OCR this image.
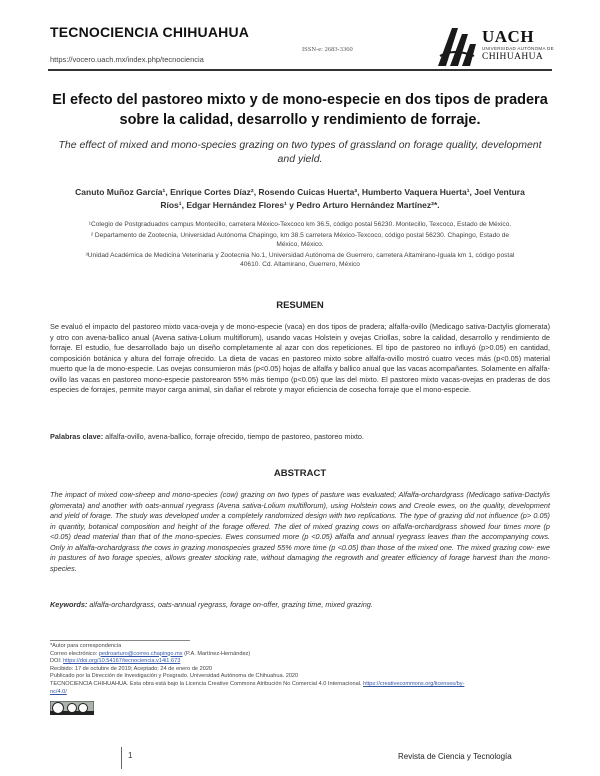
TECNOCIENCIA CHIHUAHUA
https://vocero.uach.mx/index.php/tecnociencia
ISSN-e: 2683-3360
UACH
UNIVERSIDAD AUTÓNOMA DE
CHIHUAHUA
El efecto del pastoreo mixto y de mono-especie en dos tipos de pradera sobre la calidad, desarrollo y rendimiento de forraje.
The effect of mixed and mono-species grazing on two types of grassland on forage quality, development and yield.
Canuto Muñoz García¹, Enrique Cortes Díaz², Rosendo Cuicas Huerta³, Humberto Vaquera Huerta¹, Joel Ventura Ríos¹, Edgar Hernández Flores¹ y Pedro Arturo Hernández Martínez²*.

¹Colegio de Postgraduados campus Montecillo, carretera México-Texcoco km 36.5, código postal 56230. Montecillo, Texcoco, Estado de México.

² Departamento de Zootecnia, Universidad Autónoma Chapingo, km 38.5 carretera México-Texcoco, código postal 56230. Chapingo, Estado de México, México.

³Unidad Académica de Medicina Veterinaria y Zootecnia No.1, Universidad Autónoma de Guerrero, carretera Altamirano-Iguala km 1, código postal 40610. Cd. Altamirano, Guerrero, México

RESUMEN
Se evaluó el impacto del pastoreo mixto vaca-oveja y de mono-especie (vaca) en dos tipos de pradera; alfalfa-ovillo (Medicago sativa-Dactylis glomerata) y otro con avena-ballico anual (Avena sativa-Lolium multiflorum), usando vacas Holstein y ovejas Criollas, sobre la calidad, desarrollo y rendimiento de forraje. El estudio, fue desarrollado bajo un diseño completamente al azar con dos repeticiones. El tipo de pastoreo no influyó (p>0.05) en cantidad, composición botánica y altura del forraje ofrecido. La dieta de vacas en pastoreo mixto sobre alfalfa-ovillo mostró cuatro veces más (p<0.05) material muerto que la de mono-especie. Las ovejas consumieron más (p<0.05) hojas de alfalfa y ballico anual que las vacas acompañantes. Solamente en alfalfa-ovillo las vacas en pastoreo mono-especie pastorearon 55% más tiempo (p<0.05) que las del mixto. El pastoreo mixto vacas-ovejas en praderas de dos especies de forrajes, permite mayor carga animal, sin dañar el rebrote y mayor eficiencia de cosecha forraje que el mono-especie.
Palabras clave: alfalfa-ovillo, avena-ballico, forraje ofrecido, tiempo de pastoreo, pastoreo mixto.
ABSTRACT
The impact of mixed cow-sheep and mono-species (cow) grazing on two types of pasture was evaluated; Alfalfa-orchardgrass (Medicago sativa-Dactylis glomerata) and another with oats-annual ryegrass (Avena sativa-Lolium multiflorum), using Holstein cows and Creole ewes, on the quality, development and yield of forage. The study was developed under a completely randomized design with two replications. The type of grazing did not influence (p> 0.05) in quantity, botanical composition and height of the forage offered. The diet of mixed grazing cows on alfalfa-orchardgrass showed four times more (p <0.05) dead material than that of the mono-species. Ewes consumed more (p <0.05) alfalfa and annual ryegrass leaves than the accompanying cows. Only in alfalfa-orchardgrass the cows in grazing monospecies grazed 55% more time (p <0.05) than those of the mixed one. The mixed grazing cow- ewe in pastures of two forage species, allows greater stocking rate, without damaging the regrowth and greater efficiency of forage harvest than the mono-species.
Keywords: alfalfa-orchardgrass, oats-annual ryegrass, forage on-offer, grazing time, mixed grazing.

*Autor para correspondencia

Correo electrónico: pedroarturo@correo.chapingo.mx (P.A. Martínez-Hernández)

DOI: https://doi.org/10.54167/tecnociencia.v14i1.673

Recibido: 17 de octubre de 2019; Aceptado: 24 de enero de 2020

Publicado por la Dirección de Investigación y Posgrado. Universidad Autónoma de Chihuahua. 2020

TECNOCIENCIA CHIHUAHUA. Esta obra está bajo la Licencia Creative Commons Atribución No Comercial 4.0 Internacional. https://creativecommons.org/licenses/by-nc/4.0/

1	Revista de Ciencia y Tecnología
